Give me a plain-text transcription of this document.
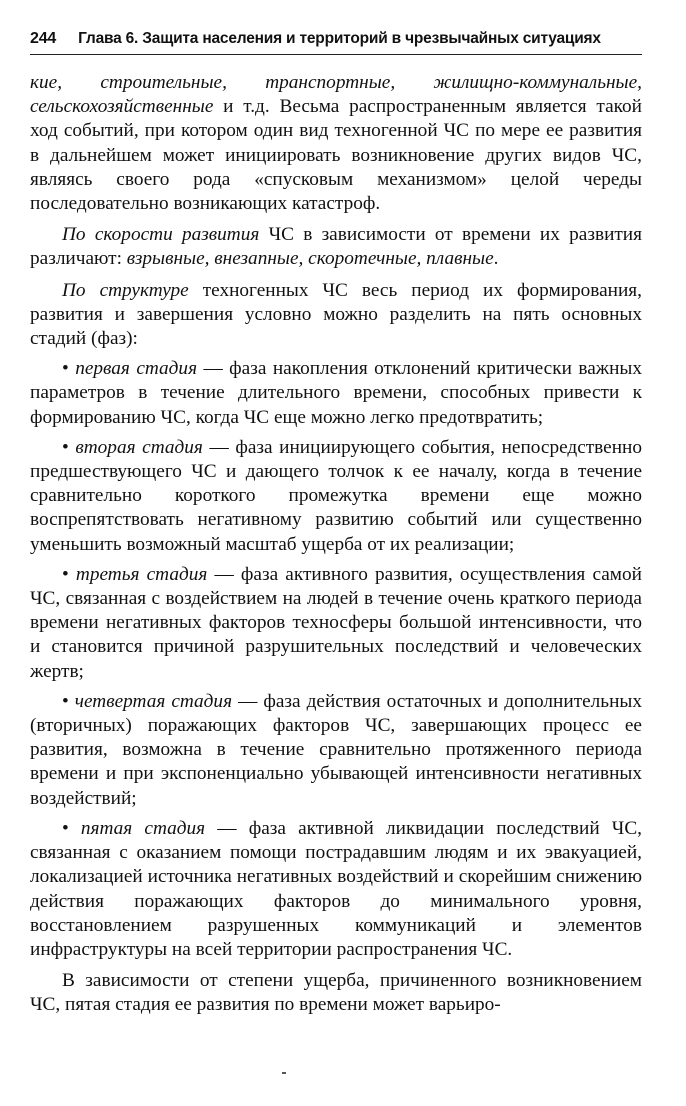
244 Глава 6. Защита населения и территорий в чрезвычайных ситуациях

кие, строительные, транспортные, жилищно-коммунальные, сельскохозяйственные и т.д. Весьма распространенным является такой ход событий, при котором один вид техногенной ЧС по мере ее развития в дальнейшем может инициировать возникновение других видов ЧС, являясь своего рода «спусковым механизмом» целой череды последовательно возникающих катастроф.

По скорости развития ЧС в зависимости от времени их развития различают: взрывные, внезапные, скоротечные, плавные.

По структуре техногенных ЧС весь период их формирования, развития и завершения условно можно разделить на пять основных стадий (фаз):

• первая стадия — фаза накопления отклонений критически важных параметров в течение длительного времени, способных привести к формированию ЧС, когда ЧС еще можно легко предотвратить;

• вторая стадия — фаза инициирующего события, непосредственно предшествующего ЧС и дающего толчок к ее началу, когда в течение сравнительно короткого промежутка времени еще можно воспрепятствовать негативному развитию событий или существенно уменьшить возможный масштаб ущерба от их реализации;

• третья стадия — фаза активного развития, осуществления самой ЧС, связанная с воздействием на людей в течение очень краткого периода времени негативных факторов техносферы большой интенсивности, что и становится причиной разрушительных последствий и человеческих жертв;

• четвертая стадия — фаза действия остаточных и дополнительных (вторичных) поражающих факторов ЧС, завершающих процесс ее развития, возможна в течение сравнительно протяженного периода времени и при экспоненциально убывающей интенсивности негативных воздействий;

• пятая стадия — фаза активной ликвидации последствий ЧС, связанная с оказанием помощи пострадавшим людям и их эвакуацией, локализацией источника негативных воздействий и скорейшим снижению действия поражающих факторов до минимального уровня, восстановлением разрушенных коммуникаций и элементов инфраструктуры на всей территории распространения ЧС.

В зависимости от степени ущерба, причиненного возникновением ЧС, пятая стадия ее развития по времени может варьиро-
